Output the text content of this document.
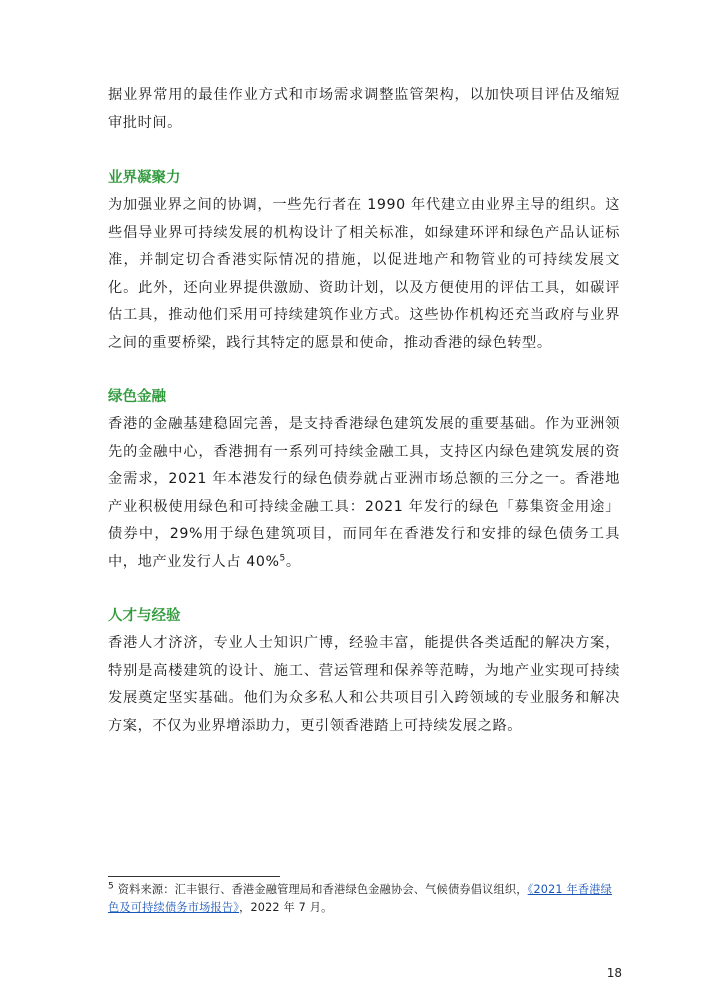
据业界常用的最佳作业方式和市场需求调整监管架构，以加快项目评估及缩短审批时间。

业界凝聚力

为加强业界之间的协调，一些先行者在 1990 年代建立由业界主导的组织。这些倡导业界可持续发展的机构设计了相关标准，如绿建环评和绿色产品认证标准，并制定切合香港实际情况的措施，以促进地产和物管业的可持续发展文化。此外，还向业界提供激励、资助计划，以及方便使用的评估工具，如碳评估工具，推动他们采用可持续建筑作业方式。这些协作机构还充当政府与业界之间的重要桥梁，践行其特定的愿景和使命，推动香港的绿色转型。

绿色金融

香港的金融基建稳固完善，是支持香港绿色建筑发展的重要基础。作为亚洲领先的金融中心，香港拥有一系列可持续金融工具，支持区内绿色建筑发展的资金需求，2021 年本港发行的绿色债券就占亚洲市场总额的三分之一。香港地产业积极使用绿色和可持续金融工具：2021 年发行的绿色「募集资金用途」债券中，29%用于绿色建筑项目，而同年在香港发行和安排的绿色债务工具中，地产业发行人占 40%$^5$。

人才与经验

香港人才济济，专业人士知识广博，经验丰富，能提供各类适配的解决方案，特别是高楼建筑的设计、施工、营运管理和保养等范畴，为地产业实现可持续发展奠定坚实基础。他们为众多私人和公共项目引入跨领域的专业服务和解决方案，不仅为业界增添助力，更引领香港踏上可持续发展之路。

$^5$ 资料来源：汇丰银行、香港金融管理局和香港绿色金融协会、气候债券倡议组织，《2021 年香港绿色及可持续债务市场报告》，2022 年 7 月。
18
